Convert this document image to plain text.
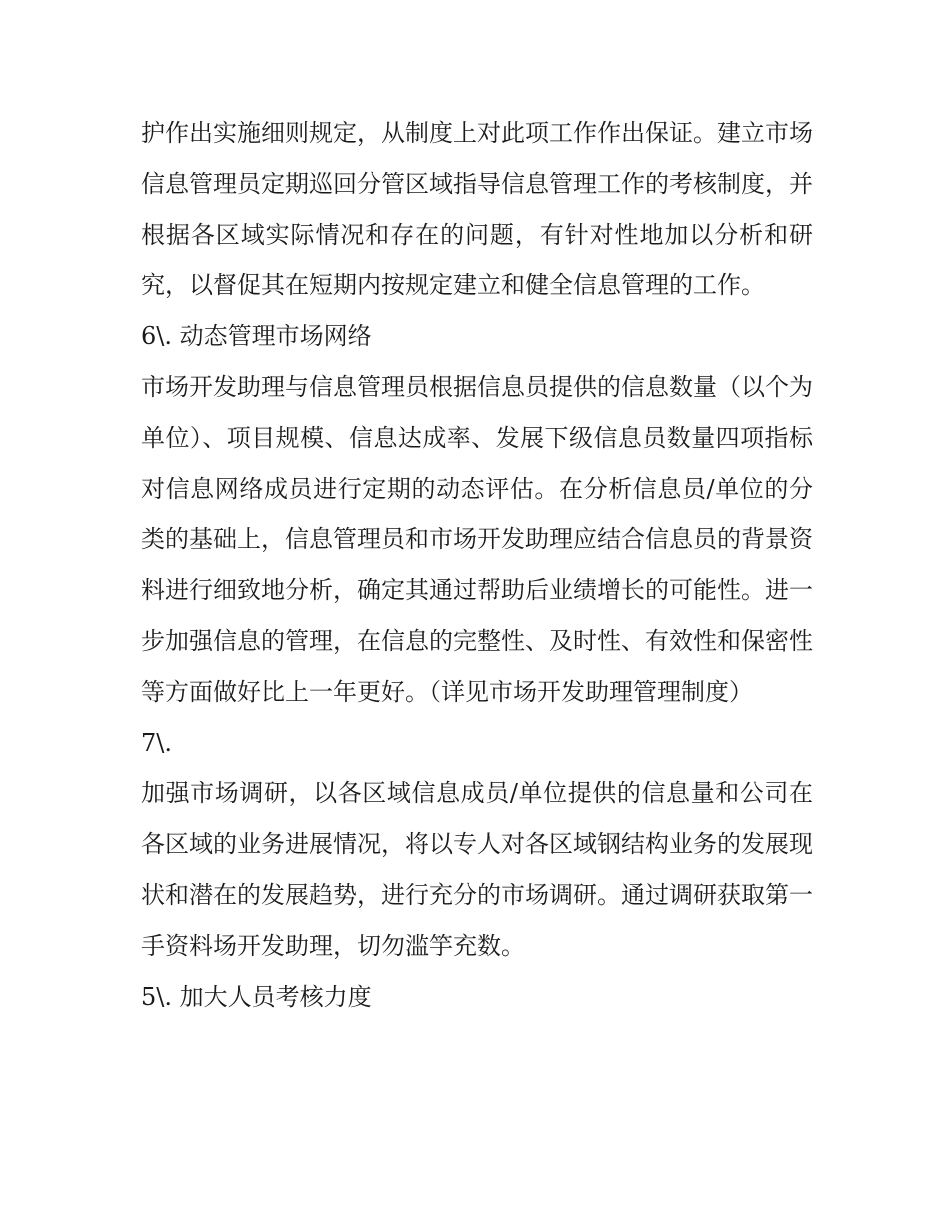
护作出实施细则规定，从制度上对此项工作作出保证。建立市场信息管理员定期巡回分管区域指导信息管理工作的考核制度，并根据各区域实际情况和存在的问题，有针对性地加以分析和研究，以督促其在短期内按规定建立和健全信息管理的工作。

6\. 动态管理市场网络

市场开发助理与信息管理员根据信息员提供的信息数量（以个为单位）、项目规模、信息达成率、发展下级信息员数量四项指标对信息网络成员进行定期的动态评估。在分析信息员/单位的分类的基础上，信息管理员和市场开发助理应结合信息员的背景资料进行细致地分析，确定其通过帮助后业绩增长的可能性。进一步加强信息的管理，在信息的完整性、及时性、有效性和保密性等方面做好比上一年更好。（详见市场开发助理管理制度）

7\.

加强市场调研，以各区域信息成员/单位提供的信息量和公司在各区域的业务进展情况，将以专人对各区域钢结构业务的发展现状和潜在的发展趋势，进行充分的市场调研。通过调研获取第一手资料场开发助理，切勿滥竽充数。

5\. 加大人员考核力度
